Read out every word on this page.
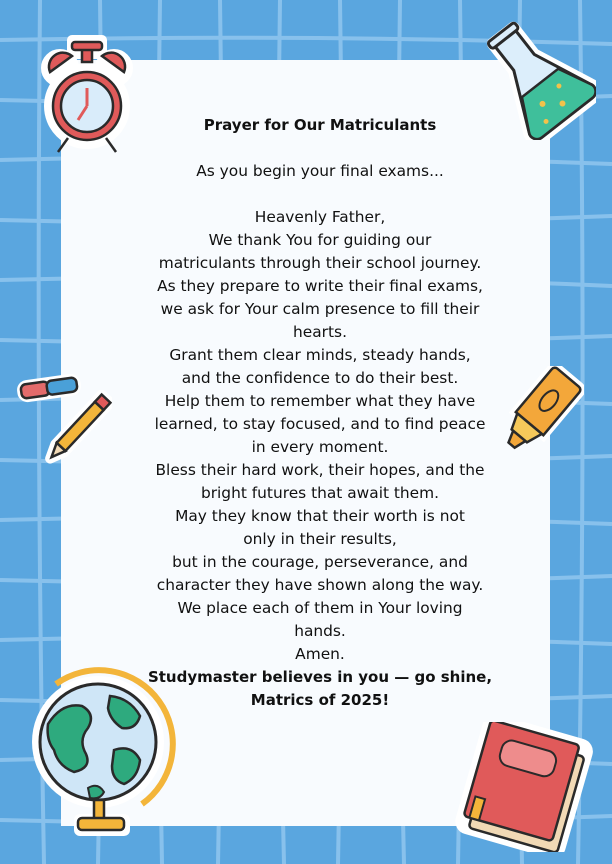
Prayer for Our Matriculants
As you begin your final exams...
Heavenly Father,
We thank You for guiding our
matriculants through their school journey.
As they prepare to write their final exams,
we ask for Your calm presence to fill their
hearts.
Grant them clear minds, steady hands,
and the confidence to do their best.
Help them to remember what they have
learned, to stay focused, and to find peace
in every moment.
Bless their hard work, their hopes, and the
bright futures that await them.
May they know that their worth is not
only in their results,
but in the courage, perseverance, and
character they have shown along the way.
We place each of them in Your loving
hands.
Amen.
Studymaster believes in you — go shine,
Matrics of 2025!
